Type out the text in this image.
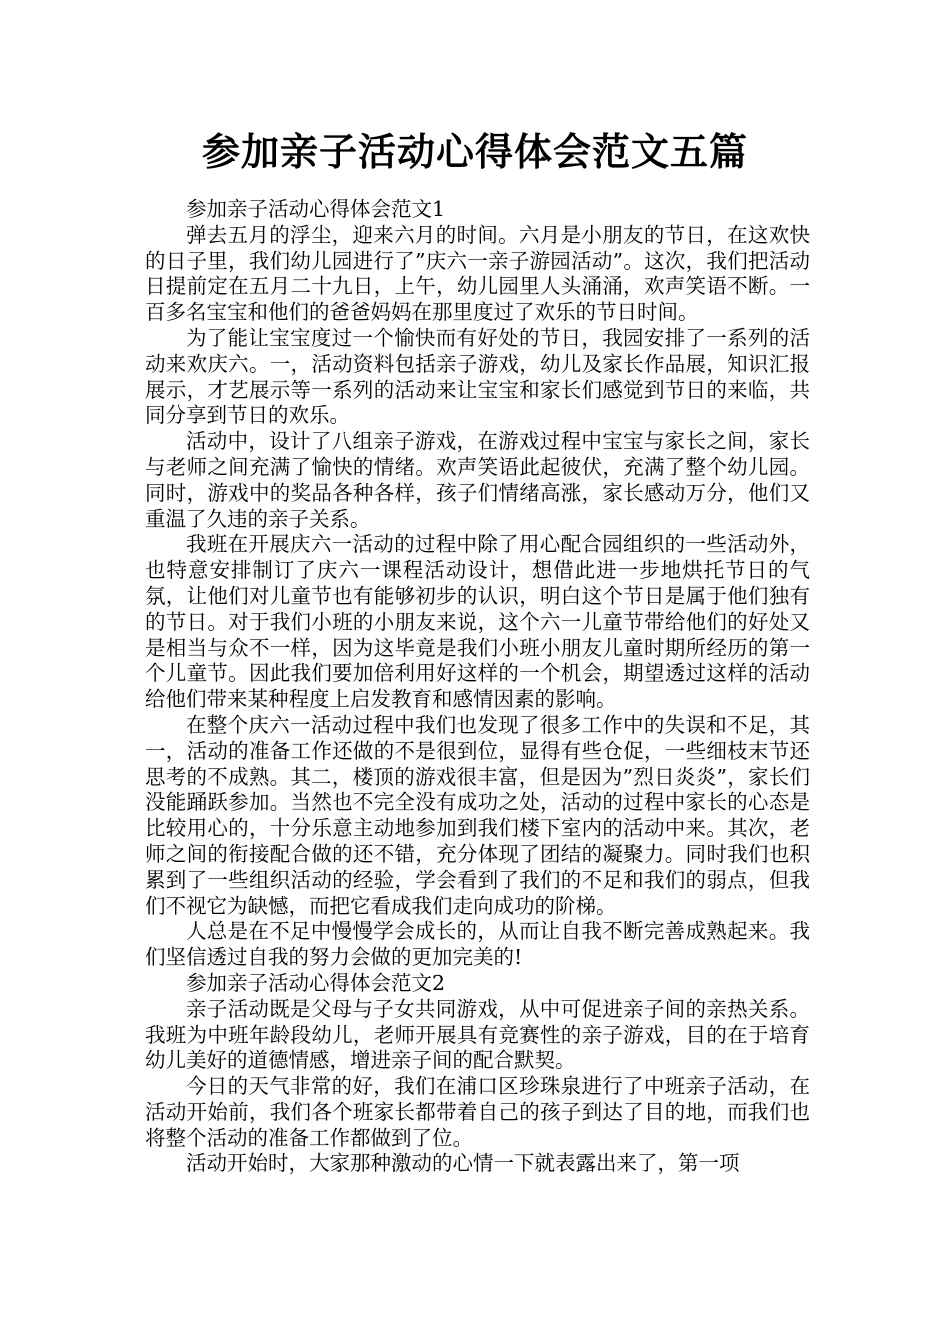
参加亲子活动心得体会范文五篇

参加亲子活动心得体会范文1

弹去五月的浮尘，迎来六月的时间。六月是小朋友的节日，在这欢快的日子里，我们幼儿园进行了”庆六一亲子游园活动”。这次，我们把活动日提前定在五月二十九日，上午，幼儿园里人头涌涌，欢声笑语不断。一百多名宝宝和他们的爸爸妈妈在那里度过了欢乐的节日时间。

为了能让宝宝度过一个愉快而有好处的节日，我园安排了一系列的活动来欢庆六。一，活动资料包括亲子游戏，幼儿及家长作品展，知识汇报展示，才艺展示等一系列的活动来让宝宝和家长们感觉到节日的来临，共同分享到节日的欢乐。

活动中，设计了八组亲子游戏，在游戏过程中宝宝与家长之间，家长与老师之间充满了愉快的情绪。欢声笑语此起彼伏，充满了整个幼儿园。同时，游戏中的奖品各种各样，孩子们情绪高涨，家长感动万分，他们又重温了久违的亲子关系。

我班在开展庆六一活动的过程中除了用心配合园组织的一些活动外，也特意安排制订了庆六一课程活动设计，想借此进一步地烘托节日的气氛，让他们对儿童节也有能够初步的认识，明白这个节日是属于他们独有的节日。对于我们小班的小朋友来说，这个六一儿童节带给他们的好处又是相当与众不一样，因为这毕竟是我们小班小朋友儿童时期所经历的第一个儿童节。因此我们要加倍利用好这样的一个机会，期望透过这样的活动给他们带来某种程度上启发教育和感情因素的影响。

在整个庆六一活动过程中我们也发现了很多工作中的失误和不足，其一，活动的准备工作还做的不是很到位，显得有些仓促，一些细枝末节还思考的不成熟。其二，楼顶的游戏很丰富，但是因为”烈日炎炎”，家长们没能踊跃参加。当然也不完全没有成功之处，活动的过程中家长的心态是比较用心的，十分乐意主动地参加到我们楼下室内的活动中来。其次，老师之间的衔接配合做的还不错，充分体现了团结的凝聚力。同时我们也积累到了一些组织活动的经验，学会看到了我们的不足和我们的弱点，但我们不视它为缺憾，而把它看成我们走向成功的阶梯。

人总是在不足中慢慢学会成长的，从而让自我不断完善成熟起来。我们坚信透过自我的努力会做的更加完美的!

参加亲子活动心得体会范文2

亲子活动既是父母与子女共同游戏，从中可促进亲子间的亲热关系。我班为中班年龄段幼儿，老师开展具有竞赛性的亲子游戏，目的在于培育幼儿美好的道德情感，增进亲子间的配合默契。

今日的天气非常的好，我们在浦口区珍珠泉进行了中班亲子活动，在活动开始前，我们各个班家长都带着自己的孩子到达了目的地，而我们也将整个活动的准备工作都做到了位。

活动开始时，大家那种激动的心情一下就表露出来了，第一项
